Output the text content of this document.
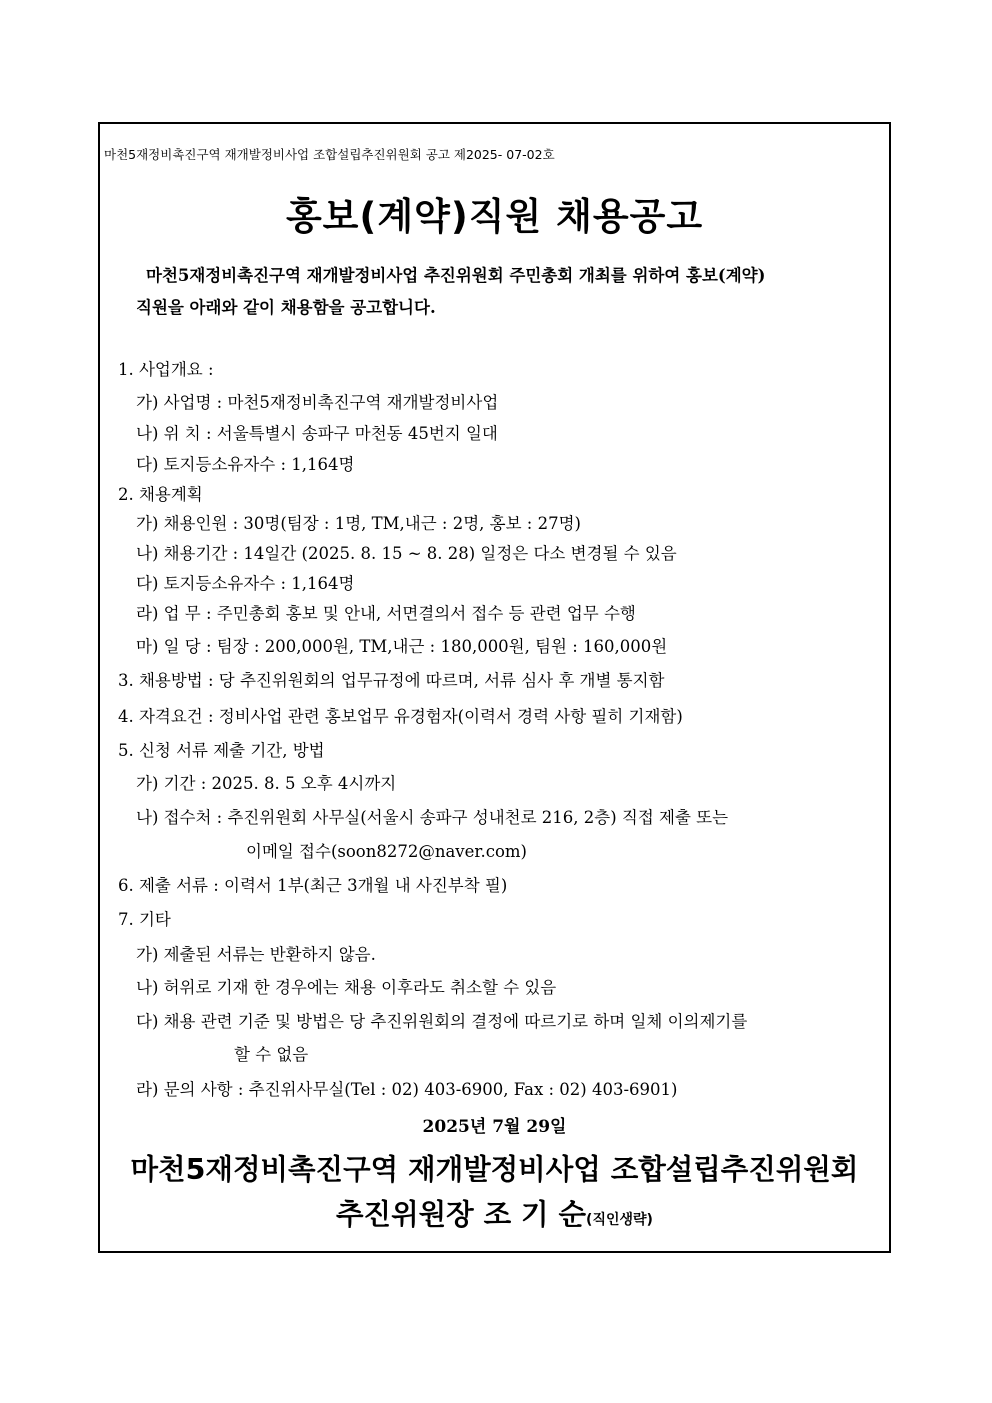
마천5재정비촉진구역 재개발정비사업 조합설립추진위원회 공고 제2025- 07-02호
홍보(계약)직원 채용공고
마천5재정비촉진구역 재개발정비사업 추진위원회 주민총회 개최를 위하여 홍보(계약)
직원을 아래와 같이 채용함을 공고합니다.
1. 사업개요 :
가) 사업명 : 마천5재정비촉진구역 재개발정비사업
나) 위 치 : 서울특별시 송파구 마천동 45번지 일대
다) 토지등소유자수 : 1,164명
2. 채용계획
가) 채용인원 : 30명(팀장 : 1명, TM,내근 : 2명, 홍보 : 27명)
나) 채용기간 : 14일간 (2025. 8. 15 ~ 8. 28) 일정은 다소 변경될 수 있음
다) 토지등소유자수 : 1,164명
라) 업 무 : 주민총회 홍보 및 안내, 서면결의서 접수 등 관련 업무 수행
마) 일 당 : 팀장 : 200,000원, TM,내근 : 180,000원, 팀원 : 160,000원
3. 채용방법 : 당 추진위원회의 업무규정에 따르며, 서류 심사 후 개별 통지함
4. 자격요건 : 정비사업 관련 홍보업무 유경험자(이력서 경력 사항 필히 기재함)
5. 신청 서류 제출 기간, 방법
가) 기간 : 2025. 8. 5 오후 4시까지
나) 접수처 : 추진위원회 사무실(서울시 송파구 성내천로 216, 2층) 직접 제출 또는
이메일 접수(soon8272@naver.com)
6. 제출 서류 : 이력서 1부(최근 3개월 내 사진부착 필)
7. 기타
가) 제출된 서류는 반환하지 않음.
나) 허위로 기재 한 경우에는 채용 이후라도 취소할 수 있음
다) 채용 관련 기준 및 방법은 당 추진위원회의 결정에 따르기로 하며 일체 이의제기를
할 수 없음
라) 문의 사항 : 추진위사무실(Tel : 02) 403-6900, Fax : 02) 403-6901)
2025년 7월 29일
마천5재정비촉진구역 재개발정비사업 조합설립추진위원회
추진위원장 조 기 순(직인생략)
